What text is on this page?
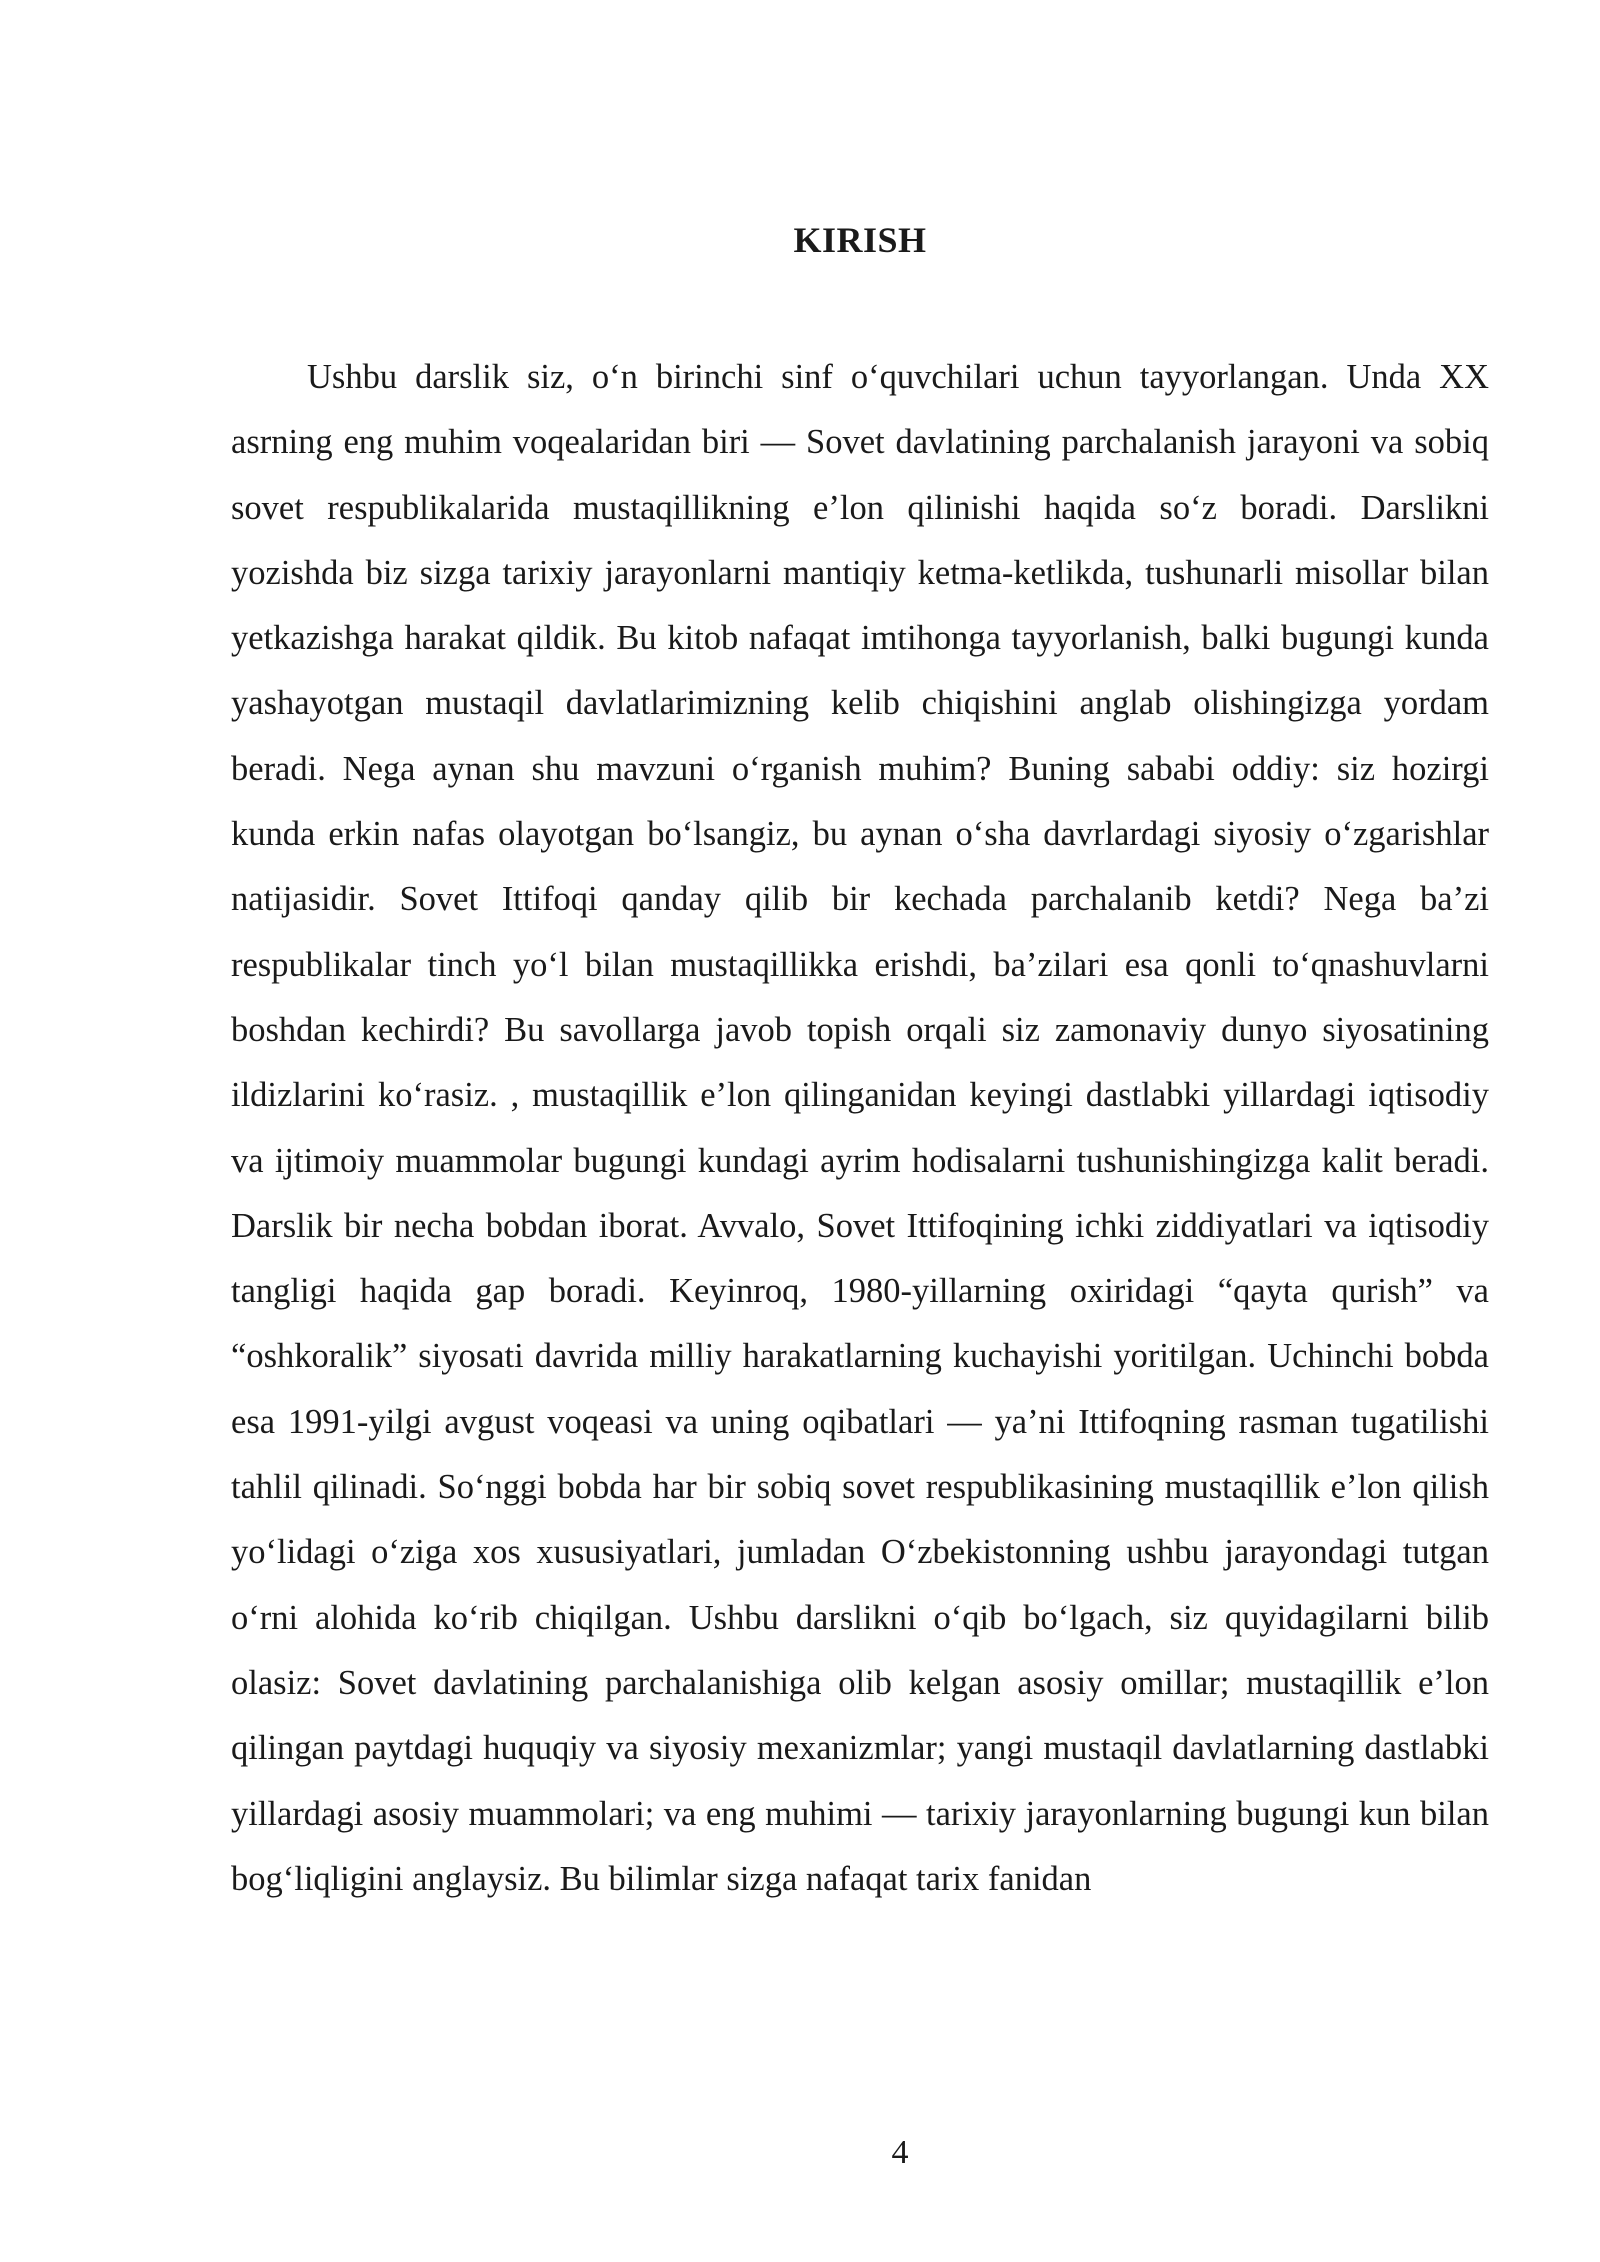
KIRISH

Ushbu darslik siz, o‘n birinchi sinf o‘quvchilari uchun tayyorlangan. Unda XX asrning eng muhim voqealaridan biri — Sovet davlatining parchalanish jarayoni va sobiq sovet respublikalarida mustaqillikning e’lon qilinishi haqida so‘z boradi. Darslikni yozishda biz sizga tarixiy jarayonlarni mantiqiy ketma-ketlikda, tushunarli misollar bilan yetkazishga harakat qildik. Bu kitob nafaqat imtihonga tayyorlanish, balki bugungi kunda yashayotgan mustaqil davlatlarimizning kelib chiqishini anglab olishingizga yordam beradi. Nega aynan shu mavzuni o‘rganish muhim? Buning sababi oddiy: siz hozirgi kunda erkin nafas olayotgan bo‘lsangiz, bu aynan o‘sha davrlardagi siyosiy o‘zgarishlar natijasidir. Sovet Ittifoqi qanday qilib bir kechada parchalanib ketdi? Nega ba’zi respublikalar tinch yo‘l bilan mustaqillikka erishdi, ba’zilari esa qonli to‘qnashuvlarni boshdan kechirdi? Bu savollarga javob topish orqali siz zamonaviy dunyo siyosatining ildizlarini ko‘rasiz. , mustaqillik e’lon qilinganidan keyingi dastlabki yillardagi iqtisodiy va ijtimoiy muammolar bugungi kundagi ayrim hodisalarni tushunishingizga kalit beradi. Darslik bir necha bobdan iborat. Avvalo, Sovet Ittifoqining ichki ziddiyatlari va iqtisodiy tangligi haqida gap boradi. Keyinroq, 1980-yillarning oxiridagi “qayta qurish” va “oshkoralik” siyosati davrida milliy harakatlarning kuchayishi yoritilgan. Uchinchi bobda esa 1991-yilgi avgust voqeasi va uning oqibatlari — ya’ni Ittifoqning rasman tugatilishi tahlil qilinadi. So‘nggi bobda har bir sobiq sovet respublikasining mustaqillik e’lon qilish yo‘lidagi o‘ziga xos xususiyatlari, jumladan O‘zbekistonning ushbu jarayondagi tutgan o‘rni alohida ko‘rib chiqilgan. Ushbu darslikni o‘qib bo‘lgach, siz quyidagilarni bilib olasiz: Sovet davlatining parchalanishiga olib kelgan asosiy omillar; mustaqillik e’lon qilingan paytdagi huquqiy va siyosiy mexanizmlar; yangi mustaqil davlatlarning dastlabki yillardagi asosiy muammolari; va eng muhimi — tarixiy jarayonlarning bugungi kun bilan bog‘liqligini anglaysiz. Bu bilimlar sizga nafaqat tarix fanidan

4
